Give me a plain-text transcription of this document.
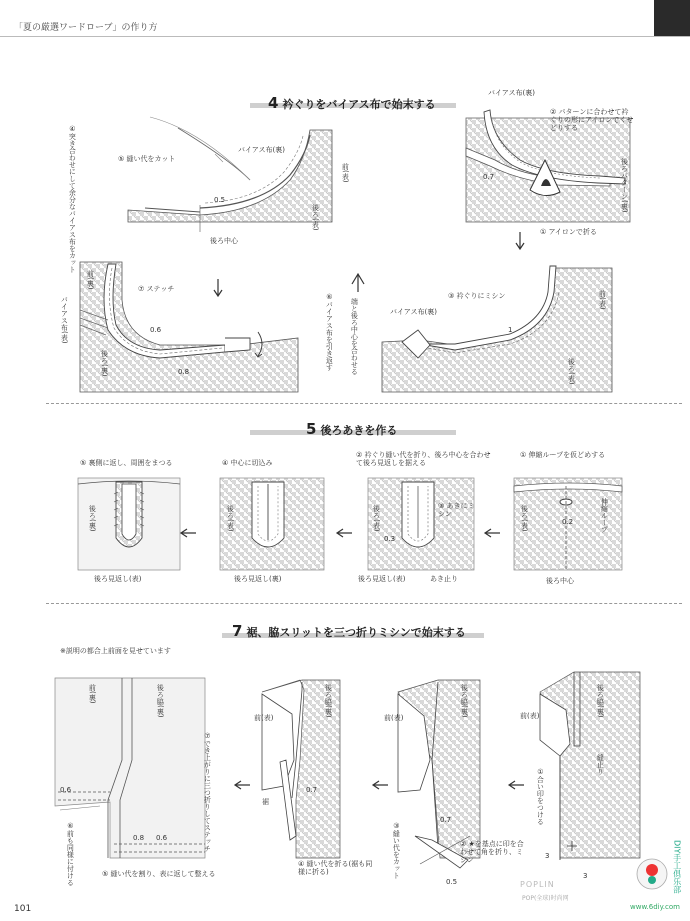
「夏の厳選ワードローブ」の作り方
4 衿ぐりをバイアス布で始末する
④突き合わせにして余分なバイアス布をカット	⑤ 縫い代をカット
バイアス布(裏)
前(表)
後ろ(表)
0.5
後ろ中心
バイアス布(裏)
② パターンに合わせて衿ぐりの形にアイロンでくせどりする
0.7	後ろパターン(裏)
① アイロンで折る
前(裏)	⑦ ステッチ
バイアス布(表)
後ろ(裏)
0.6
0.8
⑥バイアス布を引き返す 端と後ろ中心を合わせる
③ 衿ぐりにミシン
バイアス布(裏)
前(表)
後ろ(表)
1
5 後ろあきを作る
⑤ 裏側に返し、周囲をまつる
後ろ(裏)
後ろ見返し(表)
④ 中心に切込み
後ろ(表)
後ろ見返し(裏)
② 衿ぐり縫い代を折り、後ろ中心を合わせて後ろ見返しを据える
③ あきにミシン
後ろ(表)
0.3
後ろ見返し(表)	あき止り
① 伸縮ループを仮どめする
後ろ(表)	0.2	伸縮ループ
後ろ中心
7 裾、脇スリットを三つ折りミシンで始末する
※説明の都合上前面を見せています
前(裏)	後ろ脇(裏)
0.6
⑥前も同様に付ける	0.8 0.6
⑤ 縫い代を割り、表に返して整える
⑦でき上がりに三つ折りしてステッチ
前(表)
後ろ脇(裏)
裾
0.7
④ 縫い代を折る(裾も同様に折る)
前(表)
後ろ脇(裏)
③縫い代をカット
0.7
0.5
② ★を基点に印を合わせて角を折り、ミシン
後ろ脇(裏)
前(表)
縫止り
①合い印をつける
3
3
POPLIN
POP(全球)时尚网
DIY手工俱乐部
www.6diy.com
101
